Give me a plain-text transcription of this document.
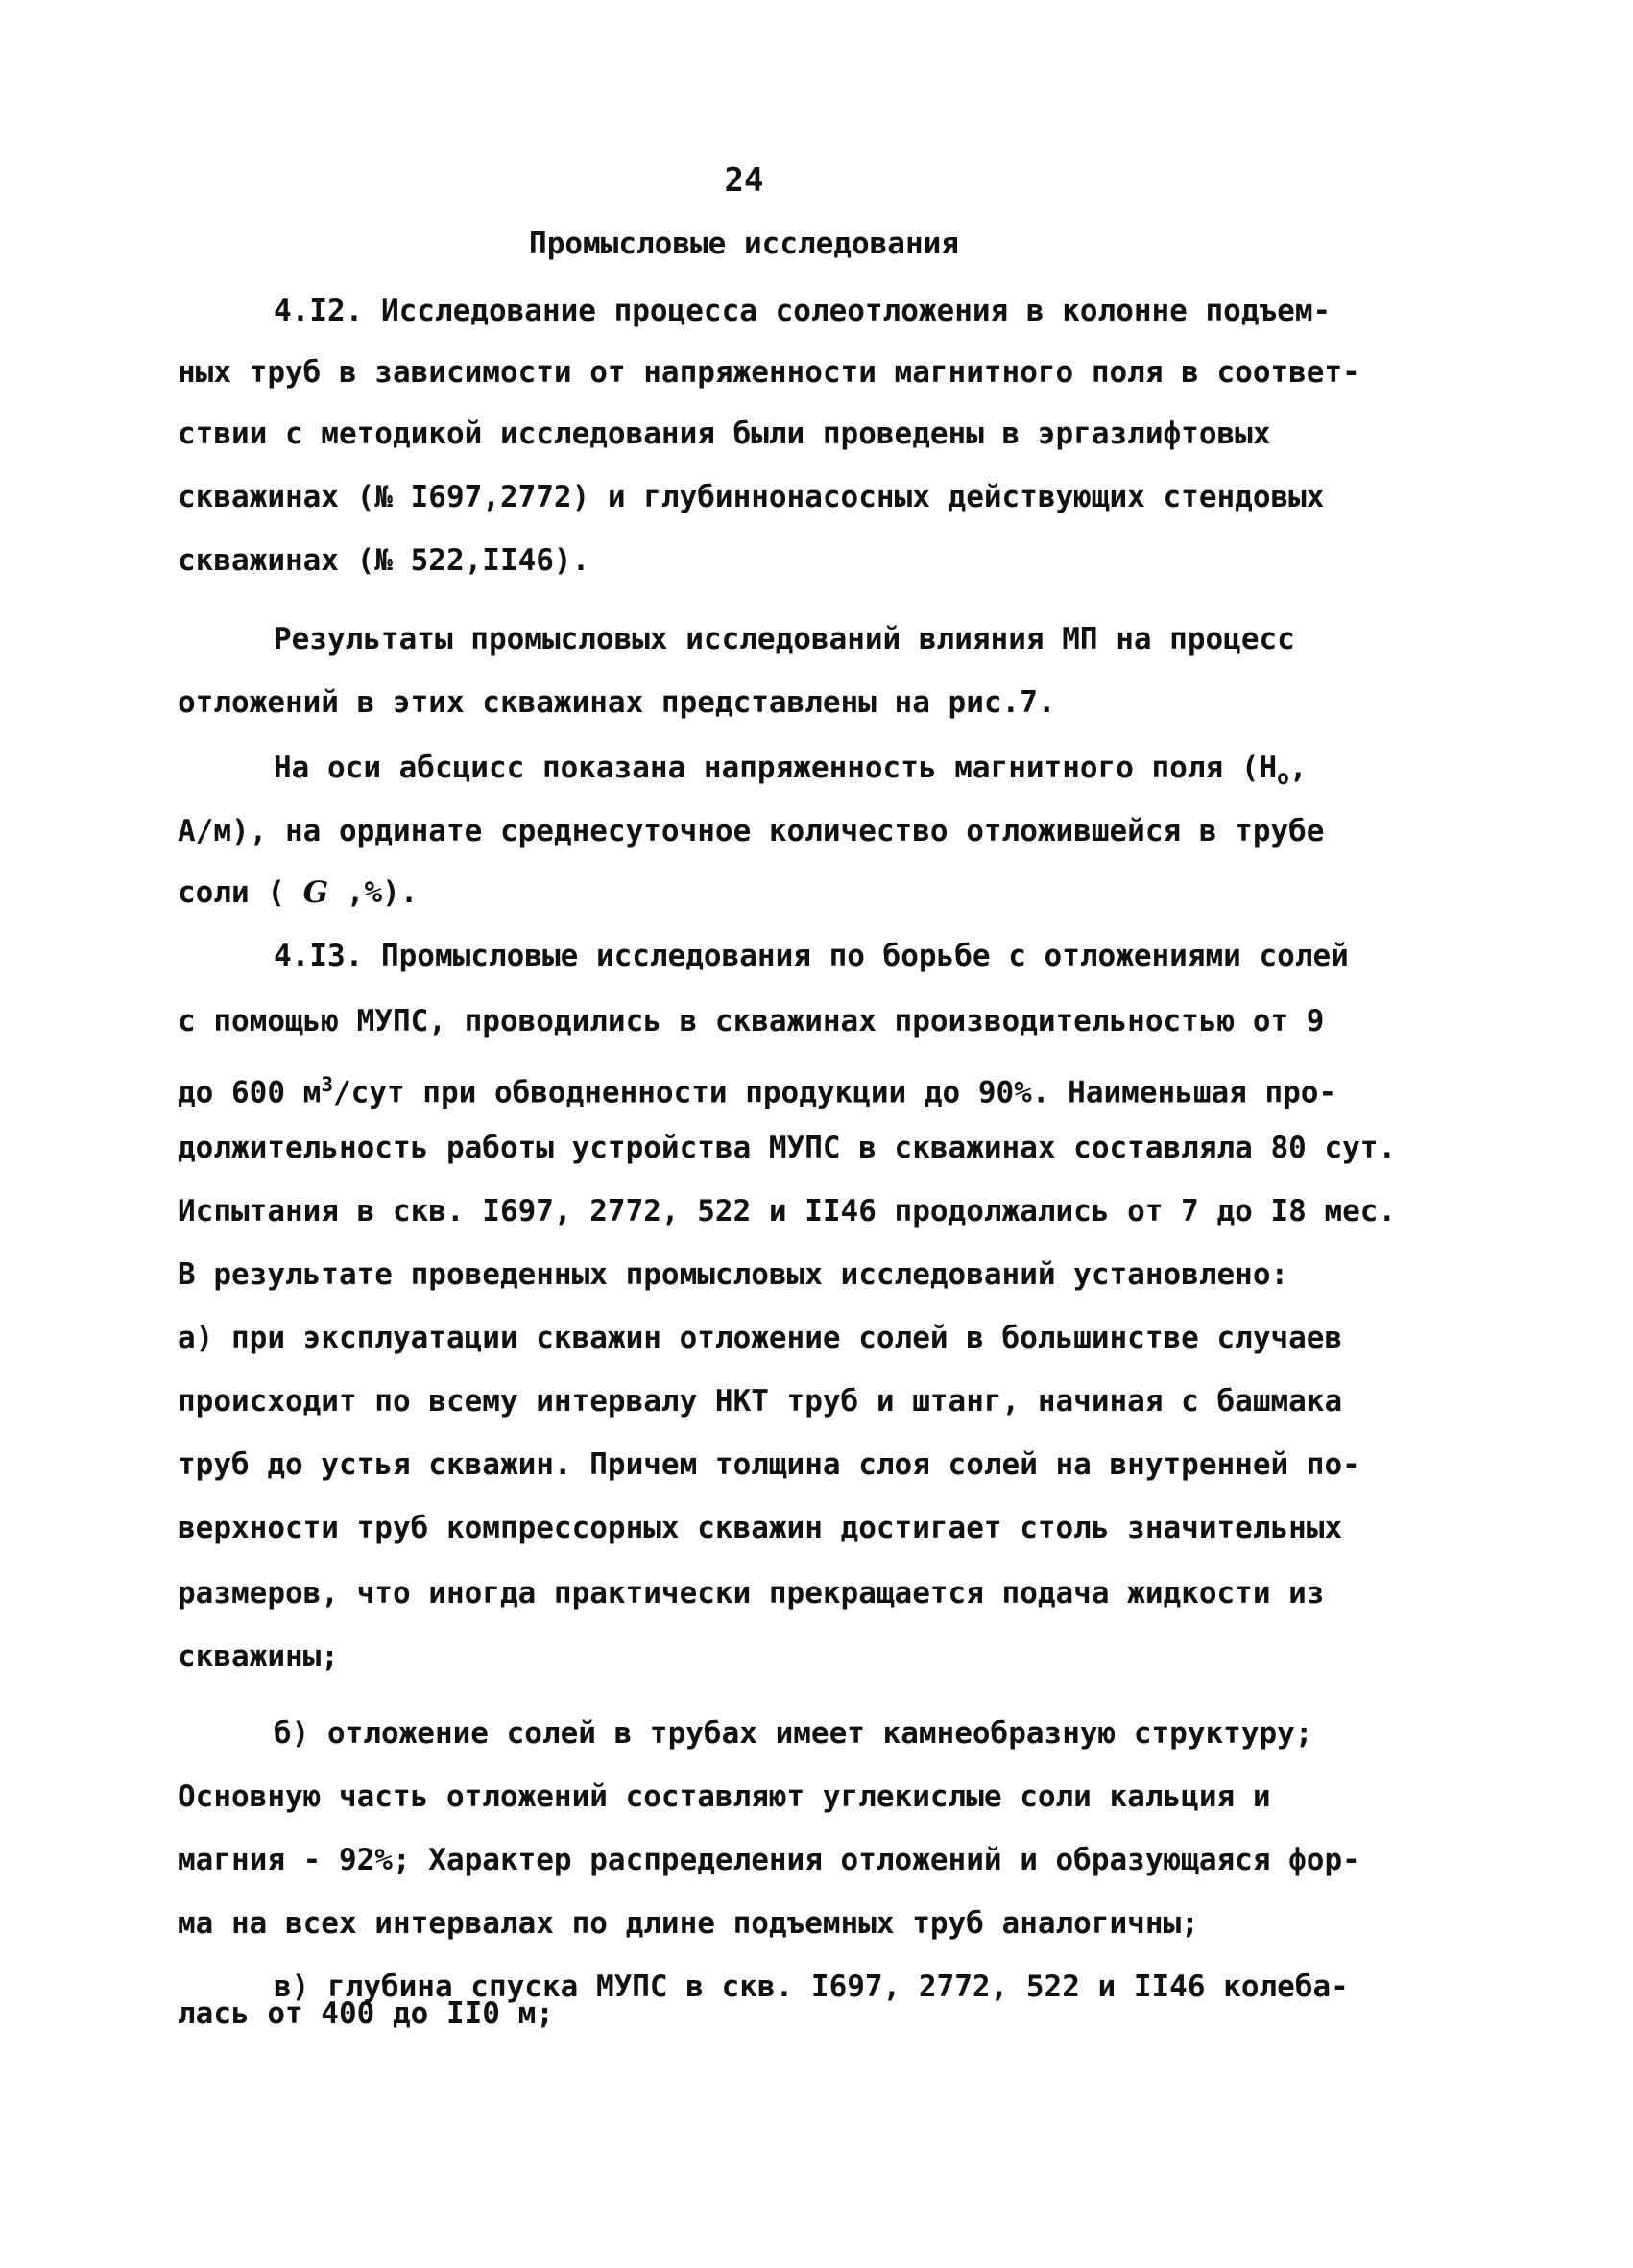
24
Промысловые исследования
4.I2. Исследование процесса солеотложения в колонне подъем-
ных труб в зависимости от напряженности магнитного поля в соответ-
ствии с методикой исследования были проведены в эргазлифтовых
скважинах (№ I697,2772) и глубиннонасосных действующих стендовых
скважинах (№ 522,II46).
Результаты промысловых исследований влияния МП на процесс
отложений в этих скважинах представлены на рис.7.
На оси абсцисс показана напряженность магнитного поля ($H_o$,
А/м), на ординате среднесуточное количество отложившейся в трубе
соли ( G ,%).
4.I3. Промысловые исследования по борьбе с отложениями солей
с помощью МУПС, проводились в скважинах производительностью от 9
до 600 $м^3$/сут при обводненности продукции до 90%. Наименьшая про-
должительность работы устройства МУПС в скважинах составляла 80 сут.
Испытания в скв. I697, 2772, 522 и II46 продолжались от 7 до I8 мес.
В результате проведенных промысловых исследований установлено:
а) при эксплуатации скважин отложение солей в большинстве случаев
происходит по всему интервалу НКТ труб и штанг, начиная с башмака
труб до устья скважин. Причем толщина слоя солей на внутренней по-
верхности труб компрессорных скважин достигает столь значительных
размеров, что иногда практически прекращается подача жидкости из
скважины;
б) отложение солей в трубах имеет камнеобразную структуру;
Основную часть отложений составляют углекислые соли кальция и
магния - 92%; Характер распределения отложений и образующаяся фор-
ма на всех интервалах по длине подъемных труб аналогичны;
в) глубина спуска МУПС в скв. I697, 2772, 522 и II46 колеба-
лась от 400 до II0 м;
